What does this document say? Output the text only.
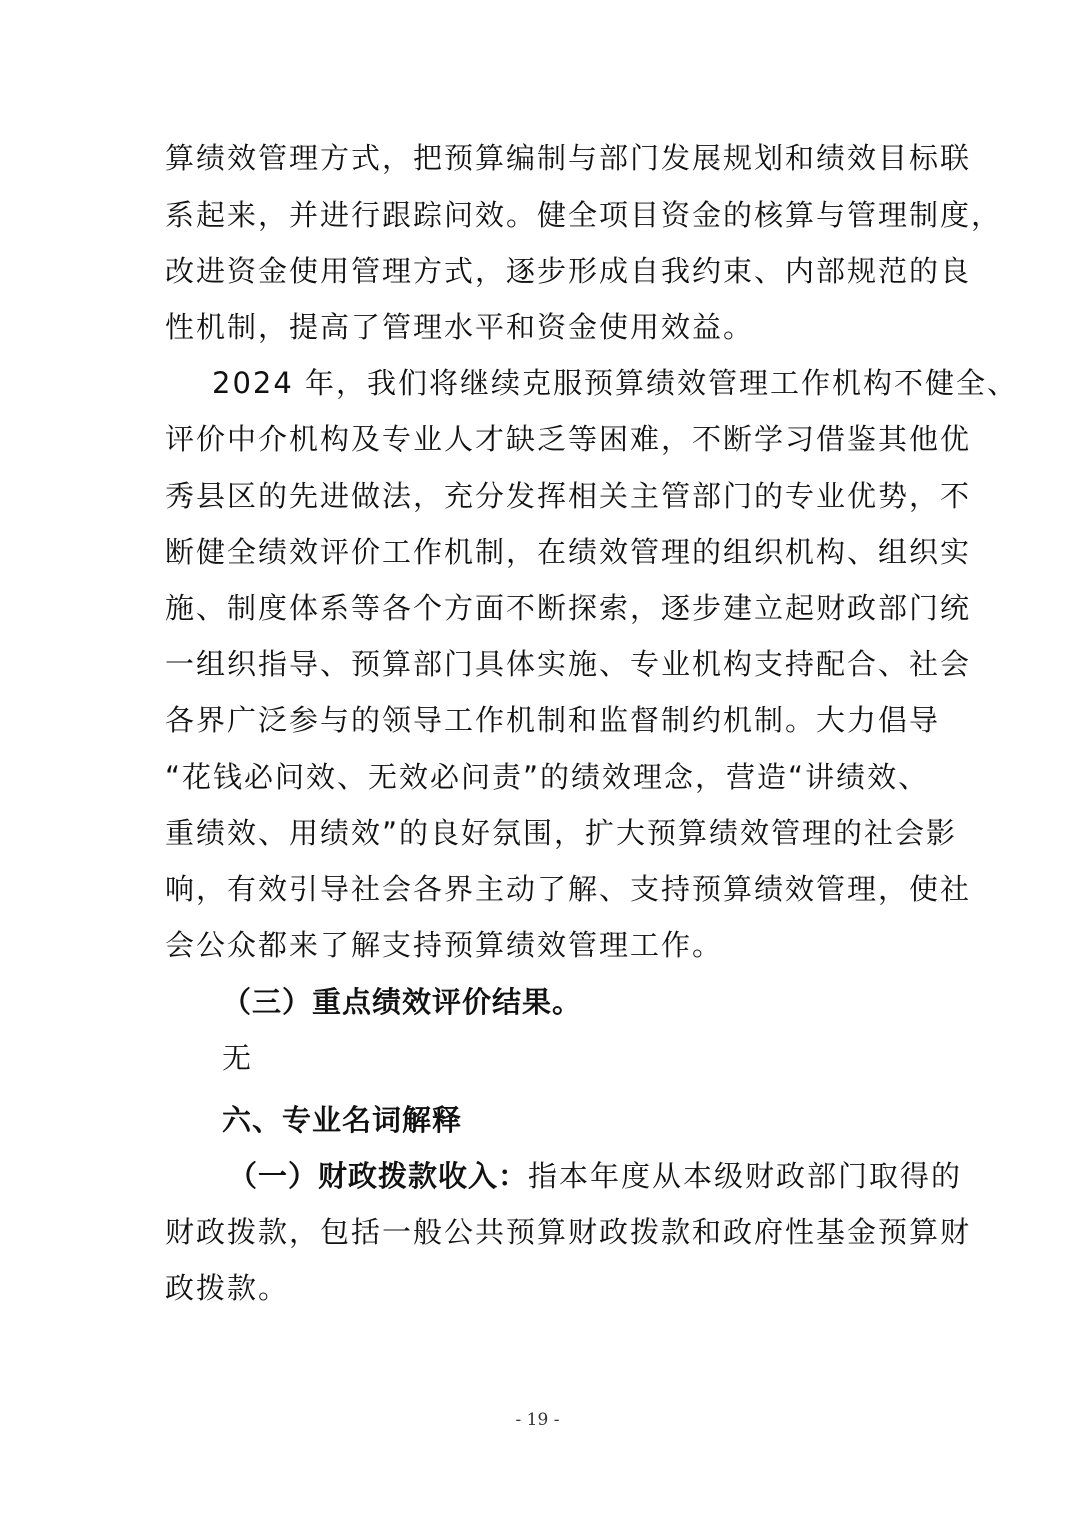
算绩效管理方式，把预算编制与部门发展规划和绩效目标联
系起来，并进行跟踪问效。健全项目资金的核算与管理制度，
改进资金使用管理方式，逐步形成自我约束、内部规范的良
性机制，提高了管理水平和资金使用效益。
2024 年，我们将继续克服预算绩效管理工作机构不健全、
评价中介机构及专业人才缺乏等困难，不断学习借鉴其他优
秀县区的先进做法，充分发挥相关主管部门的专业优势，不
断健全绩效评价工作机制，在绩效管理的组织机构、组织实
施、制度体系等各个方面不断探索，逐步建立起财政部门统
一组织指导、预算部门具体实施、专业机构支持配合、社会
各界广泛参与的领导工作机制和监督制约机制。大力倡导
“花钱必问效、无效必问责”的绩效理念，营造“讲绩效、
重绩效、用绩效”的良好氛围，扩大预算绩效管理的社会影
响，有效引导社会各界主动了解、支持预算绩效管理，使社
会公众都来了解支持预算绩效管理工作。
（三）重点绩效评价结果。
无
六、专业名词解释
（一）财政拨款收入：指本年度从本级财政部门取得的
财政拨款，包括一般公共预算财政拨款和政府性基金预算财
政拨款。
- 19 -
